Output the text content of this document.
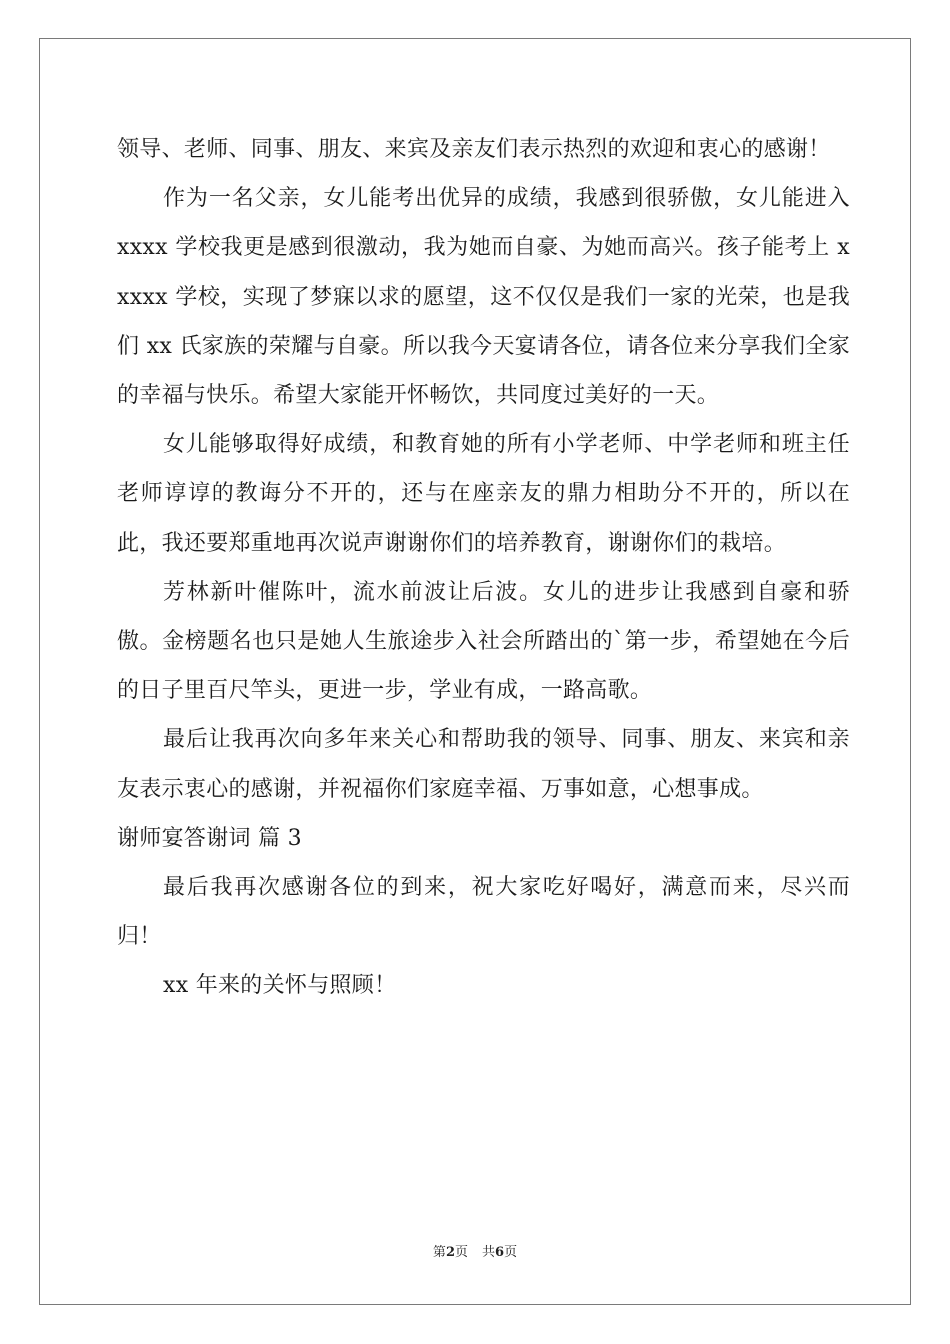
领导、老师、同事、朋友、来宾及亲友们表示热烈的欢迎和衷心的感谢！

作为一名父亲，女儿能考出优异的成绩，我感到很骄傲，女儿能进入 xxxx 学校我更是感到很激动，我为她而自豪、为她而高兴。孩子能考上 xxxxx 学校，实现了梦寐以求的愿望，这不仅仅是我们一家的光荣，也是我们 xx 氏家族的荣耀与自豪。所以我今天宴请各位，请各位来分享我们全家的幸福与快乐。希望大家能开怀畅饮，共同度过美好的一天。

女儿能够取得好成绩，和教育她的所有小学老师、中学老师和班主任老师谆谆的教诲分不开的，还与在座亲友的鼎力相助分不开的，所以在此，我还要郑重地再次说声谢谢你们的培养教育，谢谢你们的栽培。

芳林新叶催陈叶，流水前波让后波。女儿的进步让我感到自豪和骄傲。金榜题名也只是她人生旅途步入社会所踏出的`第一步，希望她在今后的日子里百尺竿头，更进一步，学业有成，一路高歌。

最后让我再次向多年来关心和帮助我的领导、同事、朋友、来宾和亲友表示衷心的感谢，并祝福你们家庭幸福、万事如意，心想事成。

谢师宴答谢词 篇 3

最后我再次感谢各位的到来，祝大家吃好喝好，满意而来，尽兴而归！

xx 年来的关怀与照顾！

第2页 共6页
